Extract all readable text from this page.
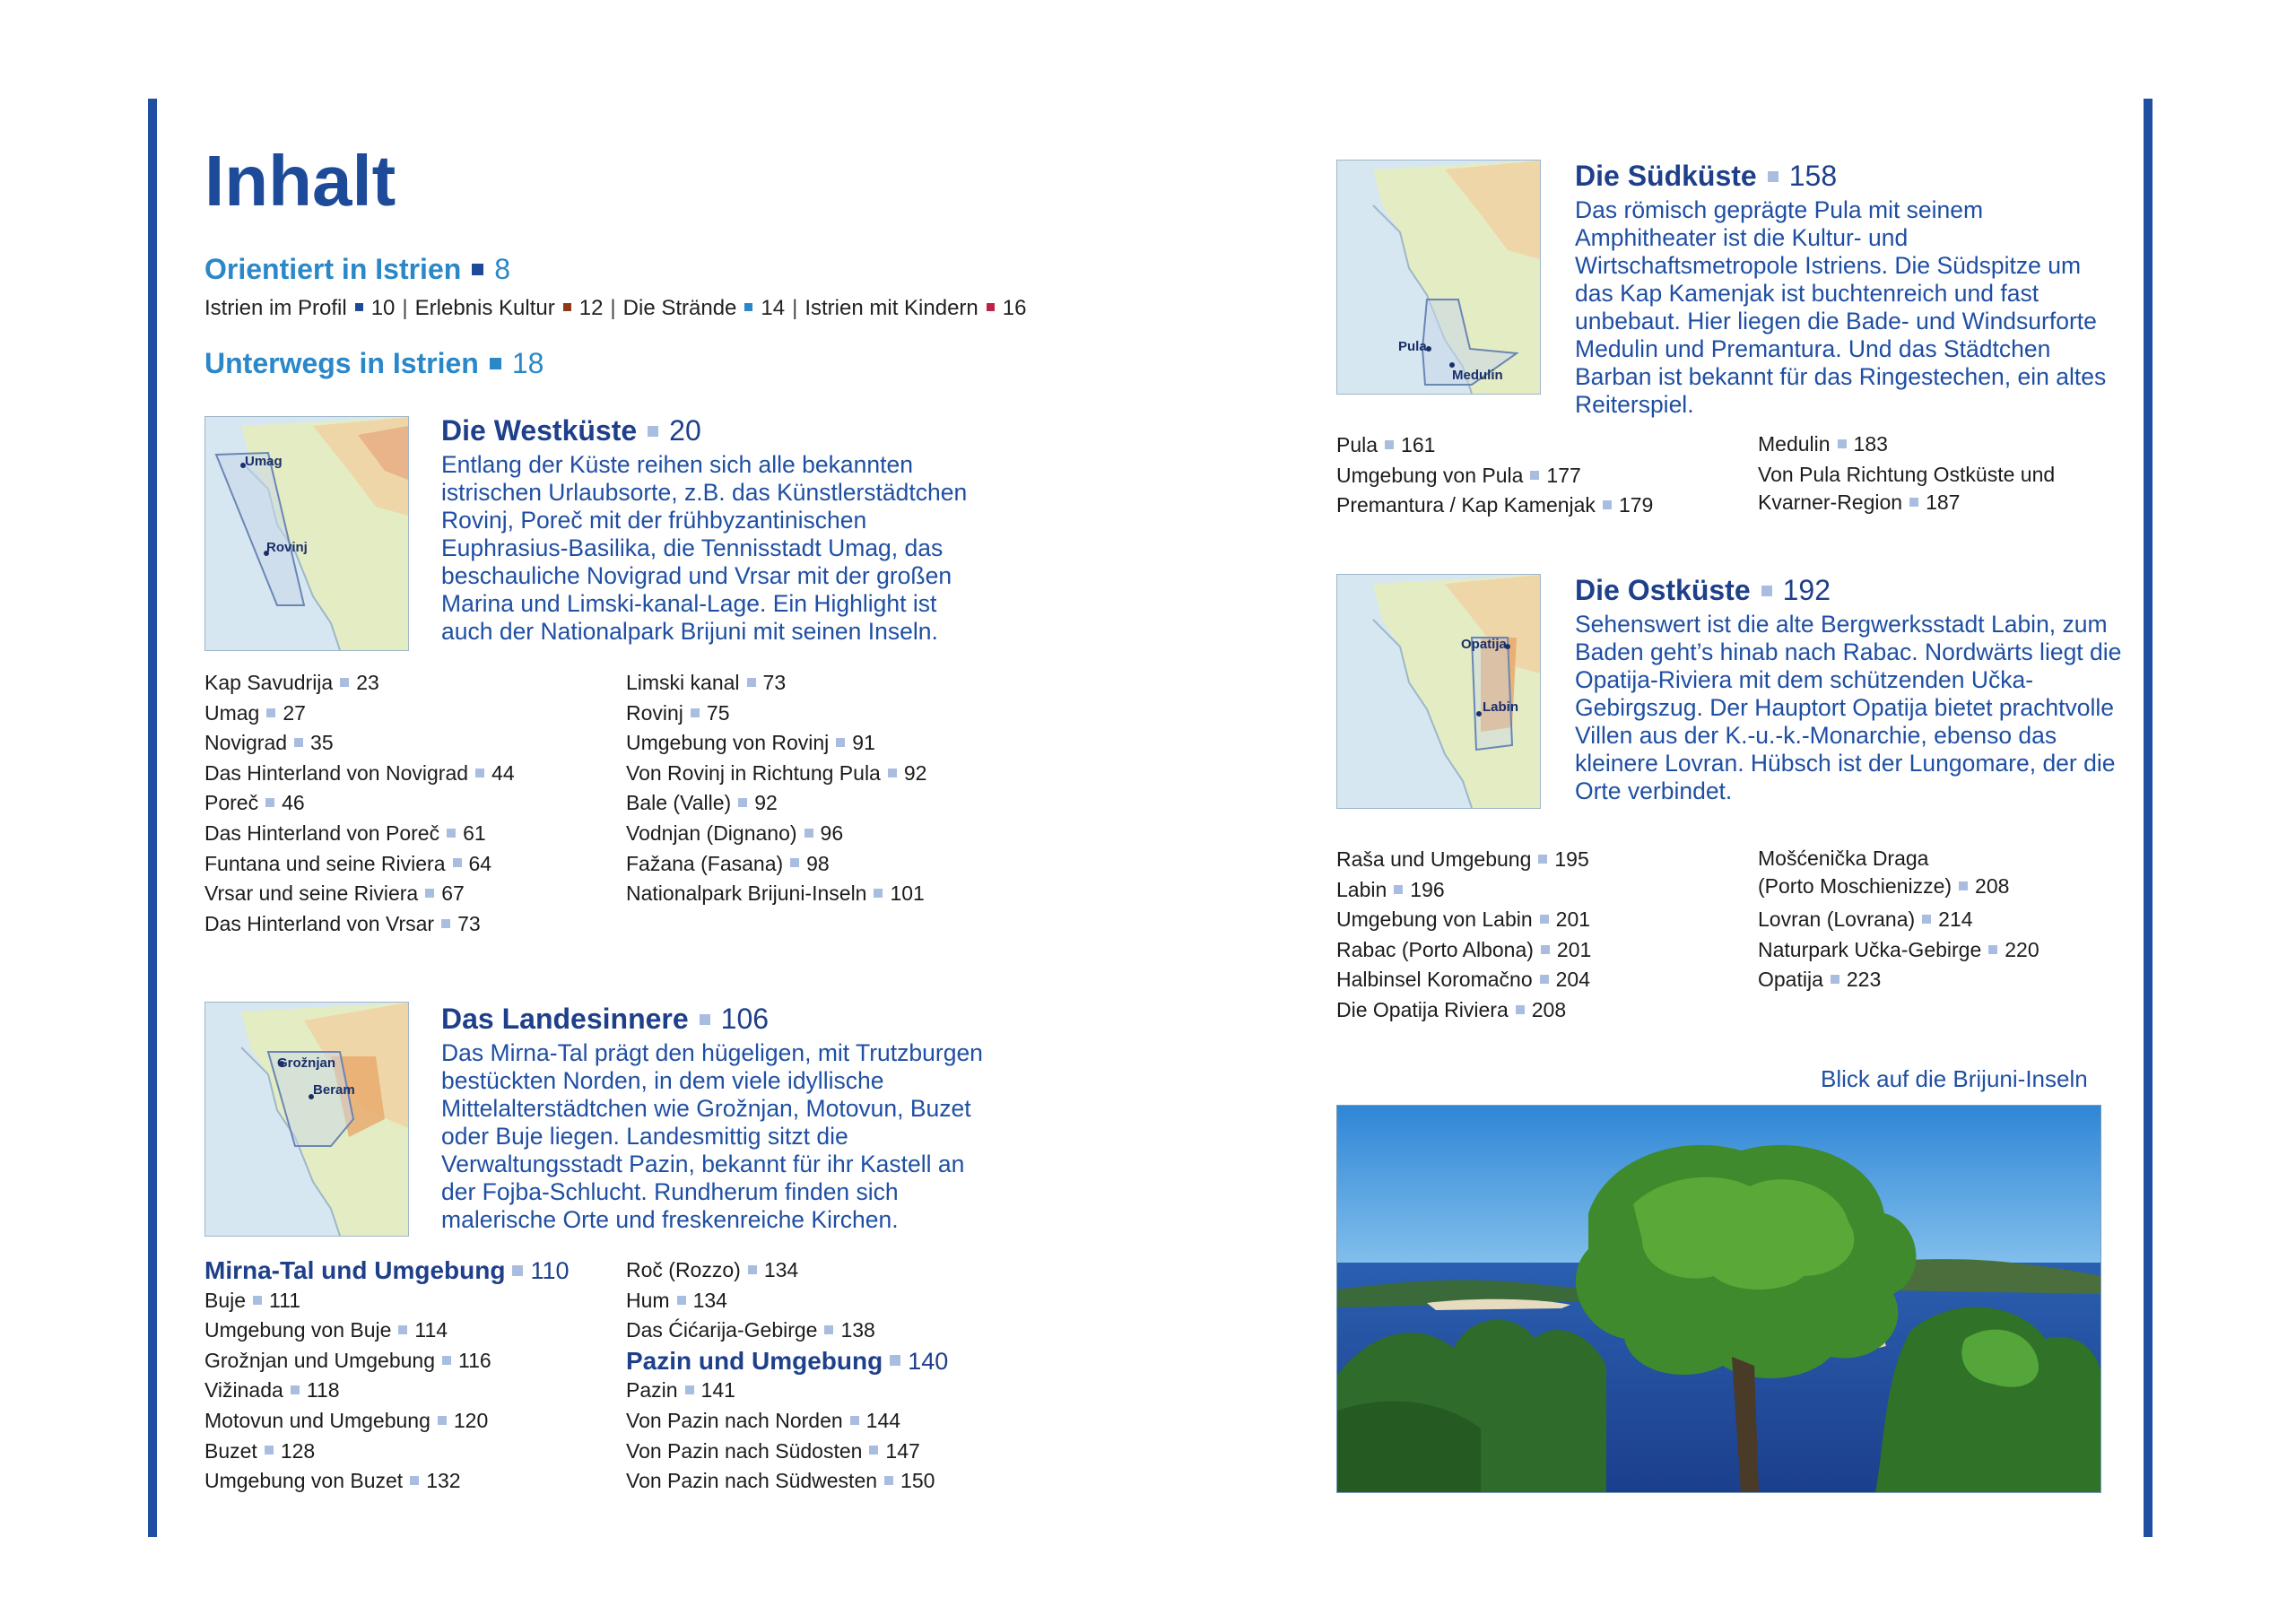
Inhalt
Orientiert in Istrien 8
Istrien im Profil 10 | Erlebnis Kultur 12 | Die Strände 14 | Istrien mit Kindern 16
Unterwegs in Istrien 18
Umag
Rovinj
Die Westküste 20
Entlang der Küste reihen sich alle bekannten istrischen Urlaubsorte, z.B. das Künstlerstädtchen Rovinj, Poreč mit der frühbyzantinischen Euphrasius-Basilika, die Tennisstadt Umag, das beschauliche Novigrad und Vrsar mit der großen Marina und Limski-kanal-Lage. Ein Highlight ist auch der Nationalpark Brijuni mit seinen Inseln.
Kap Savudrija 23
Umag 27
Novigrad 35
Das Hinterland von Novigrad 44
Poreč 46
Das Hinterland von Poreč 61
Funtana und seine Riviera 64
Vrsar und seine Riviera 67
Das Hinterland von Vrsar 73
Limski kanal 73
Rovinj 75
Umgebung von Rovinj 91
Von Rovinj in Richtung Pula 92
Bale (Valle) 92
Vodnjan (Dignano) 96
Fažana (Fasana) 98
Nationalpark Brijuni-Inseln 101
Grožnjan
Beram
Das Landesinnere 106
Das Mirna-Tal prägt den hügeligen, mit Trutzburgen bestückten Norden, in dem viele idyllische Mittelalterstädtchen wie Grožnjan, Motovun, Buzet oder Buje liegen. Landesmittig sitzt die Verwaltungsstadt Pazin, bekannt für ihr Kastell an der Fojba-Schlucht. Rundherum finden sich malerische Orte und freskenreiche Kirchen.
Mirna-Tal und Umgebung 110
Buje 111
Umgebung von Buje 114
Grožnjan und Umgebung 116
Vižinada 118
Motovun und Umgebung 120
Buzet 128
Umgebung von Buzet 132
Roč (Rozzo) 134
Hum 134
Das Ćićarija-Gebirge 138
Pazin und Umgebung 140
Pazin 141
Von Pazin nach Norden 144
Von Pazin nach Südosten 147
Von Pazin nach Südwesten 150
Pula
Medulin
Die Südküste 158
Das römisch geprägte Pula mit seinem Amphitheater ist die Kultur- und Wirtschaftsmetropole Istriens. Die Südspitze um das Kap Kamenjak ist buchtenreich und fast unbebaut. Hier liegen die Bade- und Windsurforte Medulin und Premantura. Und das Städtchen Barban ist bekannt für das Ringestechen, ein altes Reiterspiel.
Pula 161
Umgebung von Pula 177
Premantura / Kap Kamenjak 179
Medulin 183
Von Pula Richtung Ostküste und
Kvarner-Region 187
Opatija
Labin
Die Ostküste 192
Sehenswert ist die alte Bergwerksstadt Labin, zum Baden geht’s hinab nach Rabac. Nordwärts liegt die Opatija-Riviera mit dem schützenden Učka-Gebirgszug. Der Hauptort Opatija bietet prachtvolle Villen aus der K.-u.-k.-Monarchie, ebenso das kleinere Lovran. Hübsch ist der Lungomare, der die Orte verbindet.
Raša und Umgebung 195
Labin 196
Umgebung von Labin 201
Rabac (Porto Albona) 201
Halbinsel Koromačno 204
Die Opatija Riviera 208
Mošćenička Draga
(Porto Moschienizze) 208
Lovran (Lovrana) 214
Naturpark Učka-Gebirge 220
Opatija 223
Blick auf die Brijuni-Inseln
